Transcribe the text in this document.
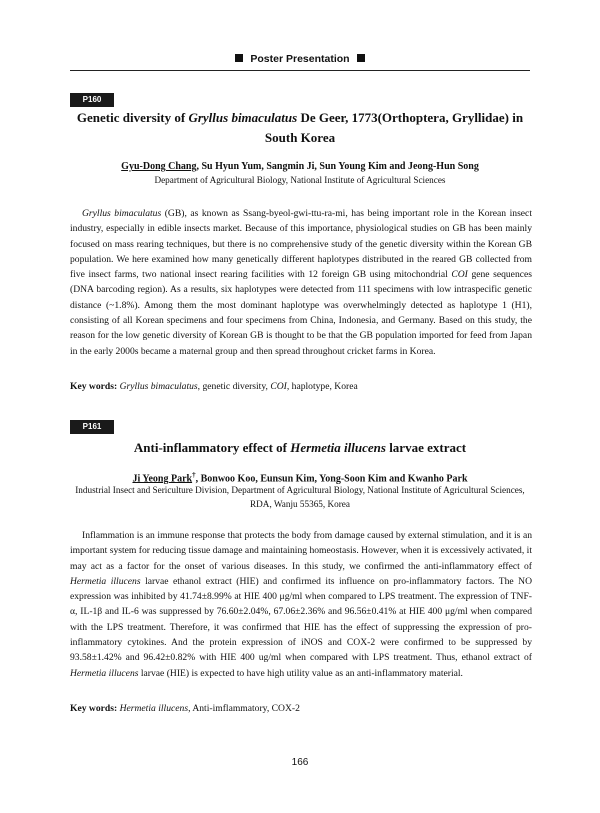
Poster Presentation
P160
Genetic diversity of Gryllus bimaculatus De Geer, 1773(Orthoptera, Gryllidae) in
South Korea
Gyu-Dong Chang, Su Hyun Yum, Sangmin Ji, Sun Young Kim and Jeong-Hun Song
Department of Agricultural Biology, National Institute of Agricultural Sciences

Gryllus bimaculatus (GB), as known as Ssang-byeol-gwi-ttu-ra-mi, has being important role in the Korean insect industry, especially in edible insects market. Because of this importance, physiological studies on GB has been mainly focused on mass rearing techniques, but there is no comprehensive study of the genetic diversity within the Korean GB population. We here examined how many genetically different haplotypes distributed in the reared GB collected from five insect farms, two national insect rearing facilities with 12 foreign GB using mitochondrial COI gene sequences (DNA barcoding region). As a results, six haplotypes were detected from 111 specimens with low intraspecific genetic distance (~1.8%). Among them the most dominant haplotype was overwhelmingly detected as haplotype 1 (H1), consisting of all Korean specimens and four specimens from China, Indonesia, and Germany. Based on this study, the reason for the low genetic diversity of Korean GB is thought to be that the GB population imported for feed from Japan in the early 2000s became a maternal group and then spread throughout cricket farms in Korea.

Key words: Gryllus bimaculatus, genetic diversity, COI, haplotype, Korea
P161
Anti-inflammatory effect of Hermetia illucens larvae extract
Ji Yeong Park†, Bonwoo Koo, Eunsun Kim, Yong-Soon Kim and Kwanho Park
Industrial Insect and Sericulture Division, Department of Agricultural Biology, National Institute of Agricultural Sciences,
RDA, Wanju 55365, Korea

Inflammation is an immune response that protects the body from damage caused by external stimulation, and it is an important system for reducing tissue damage and maintaining homeostasis. However, when it is excessively activated, it may act as a factor for the onset of various diseases. In this study, we confirmed the anti-inflammatory effect of Hermetia illucens larvae ethanol extract (HIE) and confirmed its influence on pro-inflammatory factors. The NO expression was inhibited by 41.74±8.99% at HIE 400 μg/ml when compared to LPS treatment. The expression of TNF-α, IL-1β and IL-6 was suppressed by 76.60±2.04%, 67.06±2.36% and 96.56±0.41% at HIE 400 μg/ml when compared with the LPS treatment. Therefore, it was confirmed that HIE has the effect of suppressing the expression of pro-inflammatory cytokines. And the protein expression of iNOS and COX-2 were confirmed to be suppressed by 93.58±1.42% and 96.42±0.82% with HIE 400 ug/ml when compared with LPS treatment. Thus, ethanol extract of Hermetia illucens larvae (HIE) is expected to have high utility value as an anti-inflammatory material.

Key words: Hermetia illucens, Anti-imflammatory, COX-2
166
